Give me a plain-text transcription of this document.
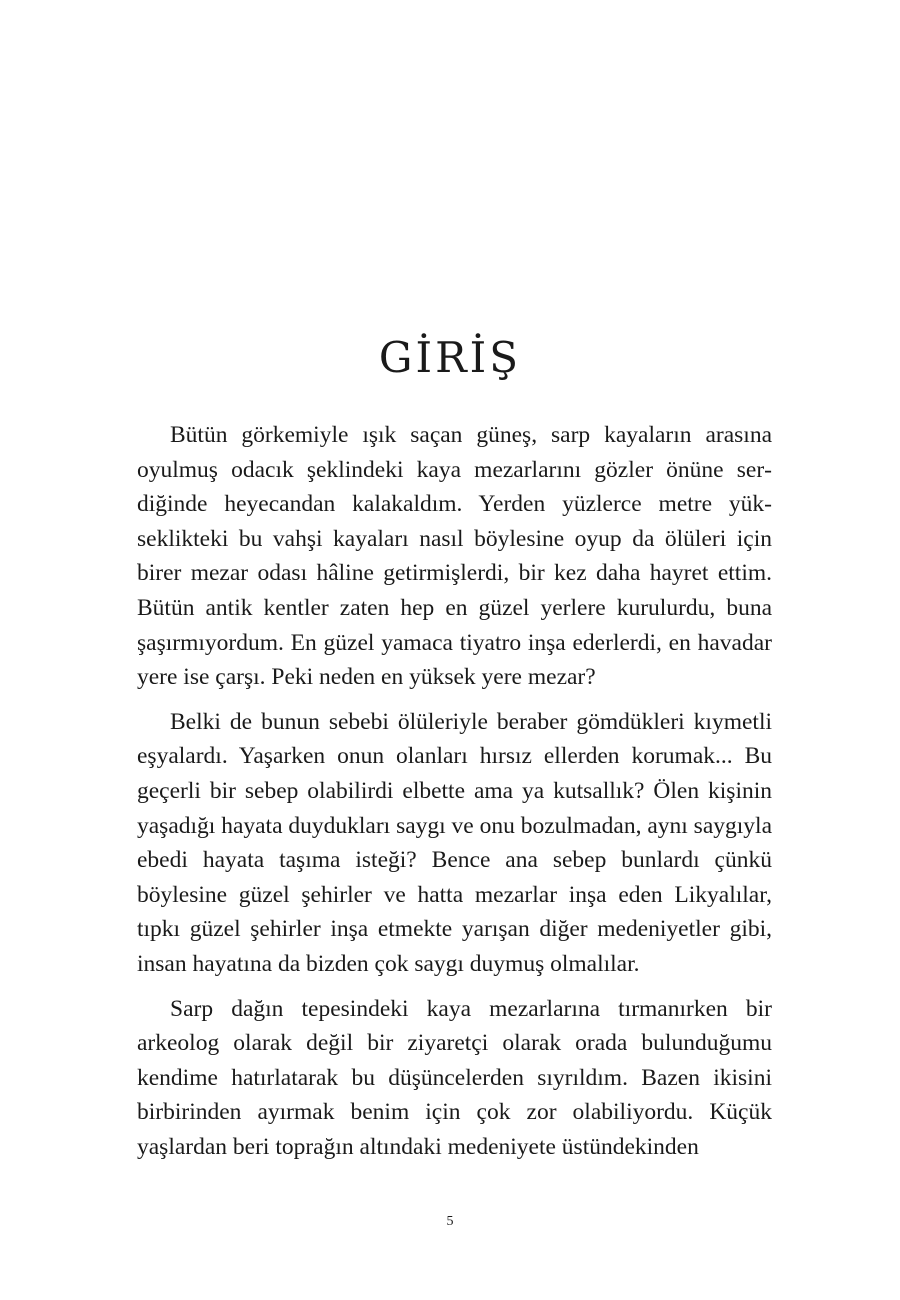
GİRİŞ

Bütün görkemiyle ışık saçan güneş, sarp kayaların arasına oyulmuş odacık şeklindeki kaya mezarlarını gözler önüne serdiğinde heyecandan kalakaldım. Yerden yüzlerce metre yükseklikteki bu vahşi kayaları nasıl böylesine oyup da ölüleri için birer mezar odası hâline getirmişlerdi, bir kez daha hayret ettim. Bütün antik kentler zaten hep en güzel yerlere kurulurdu, buna şaşırmıyordum. En güzel yamaca tiyatro inşa ederlerdi, en havadar yere ise çarşı. Peki neden en yüksek yere mezar?

Belki de bunun sebebi ölüleriyle beraber gömdükleri kıymetli eşyalardı. Yaşarken onun olanları hırsız ellerden korumak... Bu geçerli bir sebep olabilirdi elbette ama ya kutsallık? Ölen kişinin yaşadığı hayata duydukları saygı ve onu bozulmadan, aynı saygıyla ebedi hayata taşıma isteği? Bence ana sebep bunlardı çünkü böylesine güzel şehirler ve hatta mezarlar inşa eden Likyalılar, tıpkı güzel şehirler inşa etmekte yarışan diğer medeniyetler gibi, insan hayatına da bizden çok saygı duymuş olmalılar.

Sarp dağın tepesindeki kaya mezarlarına tırmanırken bir arkeolog olarak değil bir ziyaretçi olarak orada bulunduğumu kendime hatırlatarak bu düşüncelerden sıyrıldım. Bazen ikisini birbirinden ayırmak benim için çok zor olabiliyordu. Küçük yaşlardan beri toprağın altındaki medeniyete üstündekinden

5
